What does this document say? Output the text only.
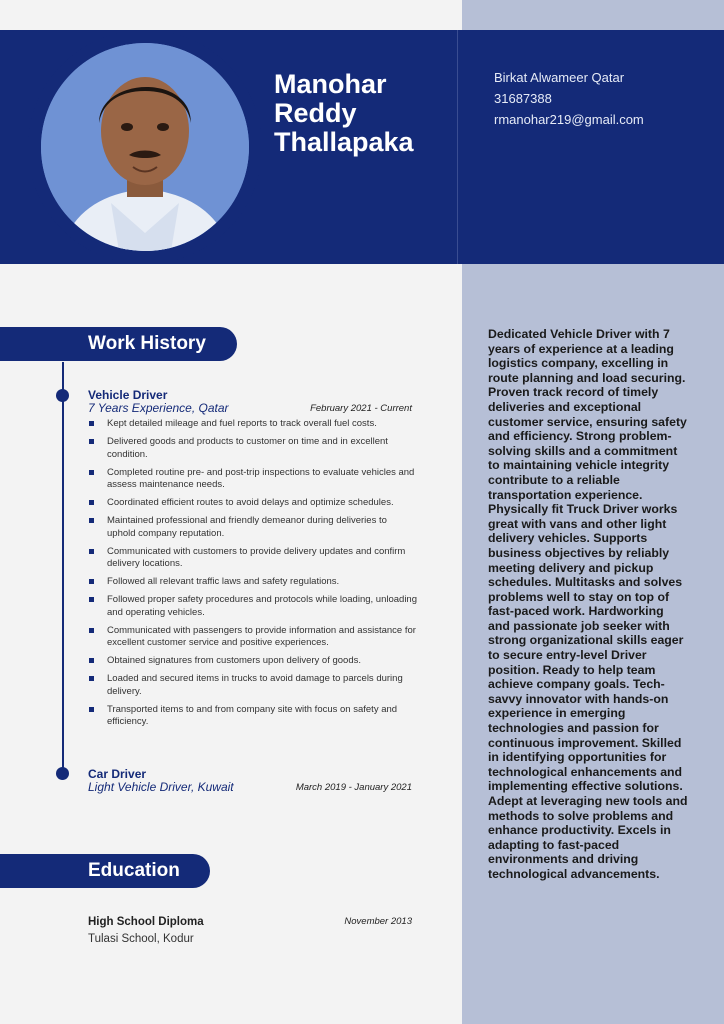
Manohar
Reddy
Thallapaka
Birkat Alwameer Qatar
31687388
rmanohar219@gmail.com
Work History
Vehicle Driver
7 Years Experience, Qatar	February 2021 - Current
Kept detailed mileage and fuel reports to track overall fuel costs.
Delivered goods and products to customer on time and in excellent condition.
Completed routine pre- and post-trip inspections to evaluate vehicles and assess maintenance needs.
Coordinated efficient routes to avoid delays and optimize schedules.
Maintained professional and friendly demeanor during deliveries to uphold company reputation.
Communicated with customers to provide delivery updates and confirm delivery locations.
Followed all relevant traffic laws and safety regulations.
Followed proper safety procedures and protocols while loading, unloading and operating vehicles.
Communicated with passengers to provide information and assistance for excellent customer service and positive experiences.
Obtained signatures from customers upon delivery of goods.
Loaded and secured items in trucks to avoid damage to parcels during delivery.
Transported items to and from company site with focus on safety and efficiency.
Car Driver
Light Vehicle Driver, Kuwait	March 2019 - January 2021
Education
High School Diploma
Tulasi School, Kodur
November 2013

Dedicated Vehicle Driver with 7 years of experience at a leading logistics company, excelling in route planning and load securing. Proven track record of timely deliveries and exceptional customer service, ensuring safety and efficiency. Strong problem-solving skills and a commitment to maintaining vehicle integrity contribute to a reliable transportation experience.

Physically fit Truck Driver works great with vans and other light delivery vehicles. Supports business objectives by reliably meeting delivery and pickup schedules. Multitasks and solves problems well to stay on top of fast-paced work. Hardworking and passionate job seeker with strong organizational skills eager to secure entry-level Driver position. Ready to help team achieve company goals. Tech-savvy innovator with hands-on experience in emerging technologies and passion for continuous improvement. Skilled in identifying opportunities for technological enhancements and implementing effective solutions. Adept at leveraging new tools and methods to solve problems and enhance productivity. Excels in adapting to fast-paced environments and driving technological advancements.
